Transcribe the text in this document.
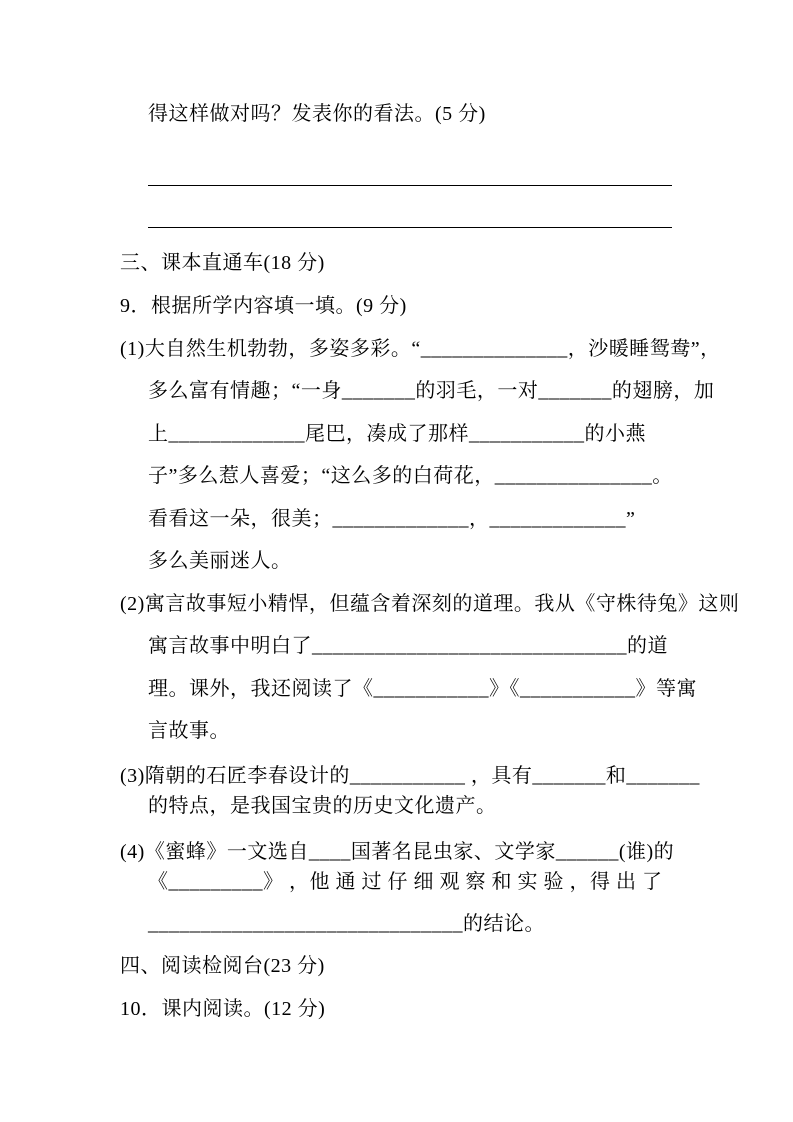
得这样做对吗？发表你的看法。(5 分)
三、课本直通车(18 分)
9．根据所学内容填一填。(9 分)
(1)大自然生机勃勃，多姿多彩。“______________，沙暖睡鸳鸯”，
多么富有情趣；“一身_______的羽毛，一对_______的翅膀，加
上_____________尾巴，凑成了那样___________的小燕
子”多么惹人喜爱；“这么多的白荷花，_______________。
看看这一朵，很美；_____________，_____________”
多么美丽迷人。
(2)寓言故事短小精悍，但蕴含着深刻的道理。我从《守株待兔》这则
寓言故事中明白了______________________________的道
理。课外，我还阅读了《___________》《___________》等寓
言故事。
(3)隋朝的石匠李春设计的___________ ，具有_______和_______
的特点，是我国宝贵的历史文化遗产。
(4)《蜜蜂》一文选自____国著名昆虫家、文学家______(谁)的
《_________》 ，他 通 过 仔 细 观 察 和 实 验 ，得 出 了
______________________________的结论。
四、阅读检阅台(23 分)
10．课内阅读。(12 分)
